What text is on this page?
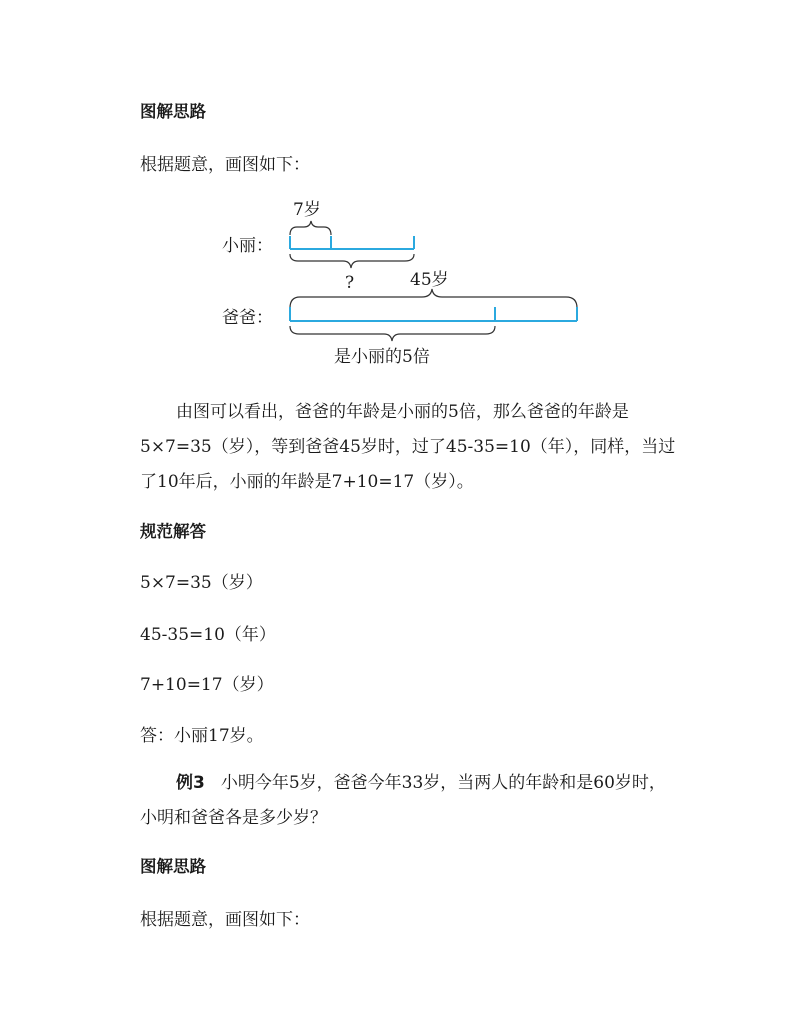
图解思路
根据题意，画图如下：
7岁
小丽：
?	45岁
爸爸：
是小丽的5倍
由图可以看出，爸爸的年龄是小丽的5倍，那么爸爸的年龄是
5×7=35（岁），等到爸爸45岁时，过了45-35=10（年），同样，当过
了10年后，小丽的年龄是7+10=17（岁）。
规范解答
5×7=35（岁）
45-35=10（年）
7+10=17（岁）
答：小丽17岁。
例3 小明今年5岁，爸爸今年33岁，当两人的年龄和是60岁时，
小明和爸爸各是多少岁？
图解思路
根据题意，画图如下：
